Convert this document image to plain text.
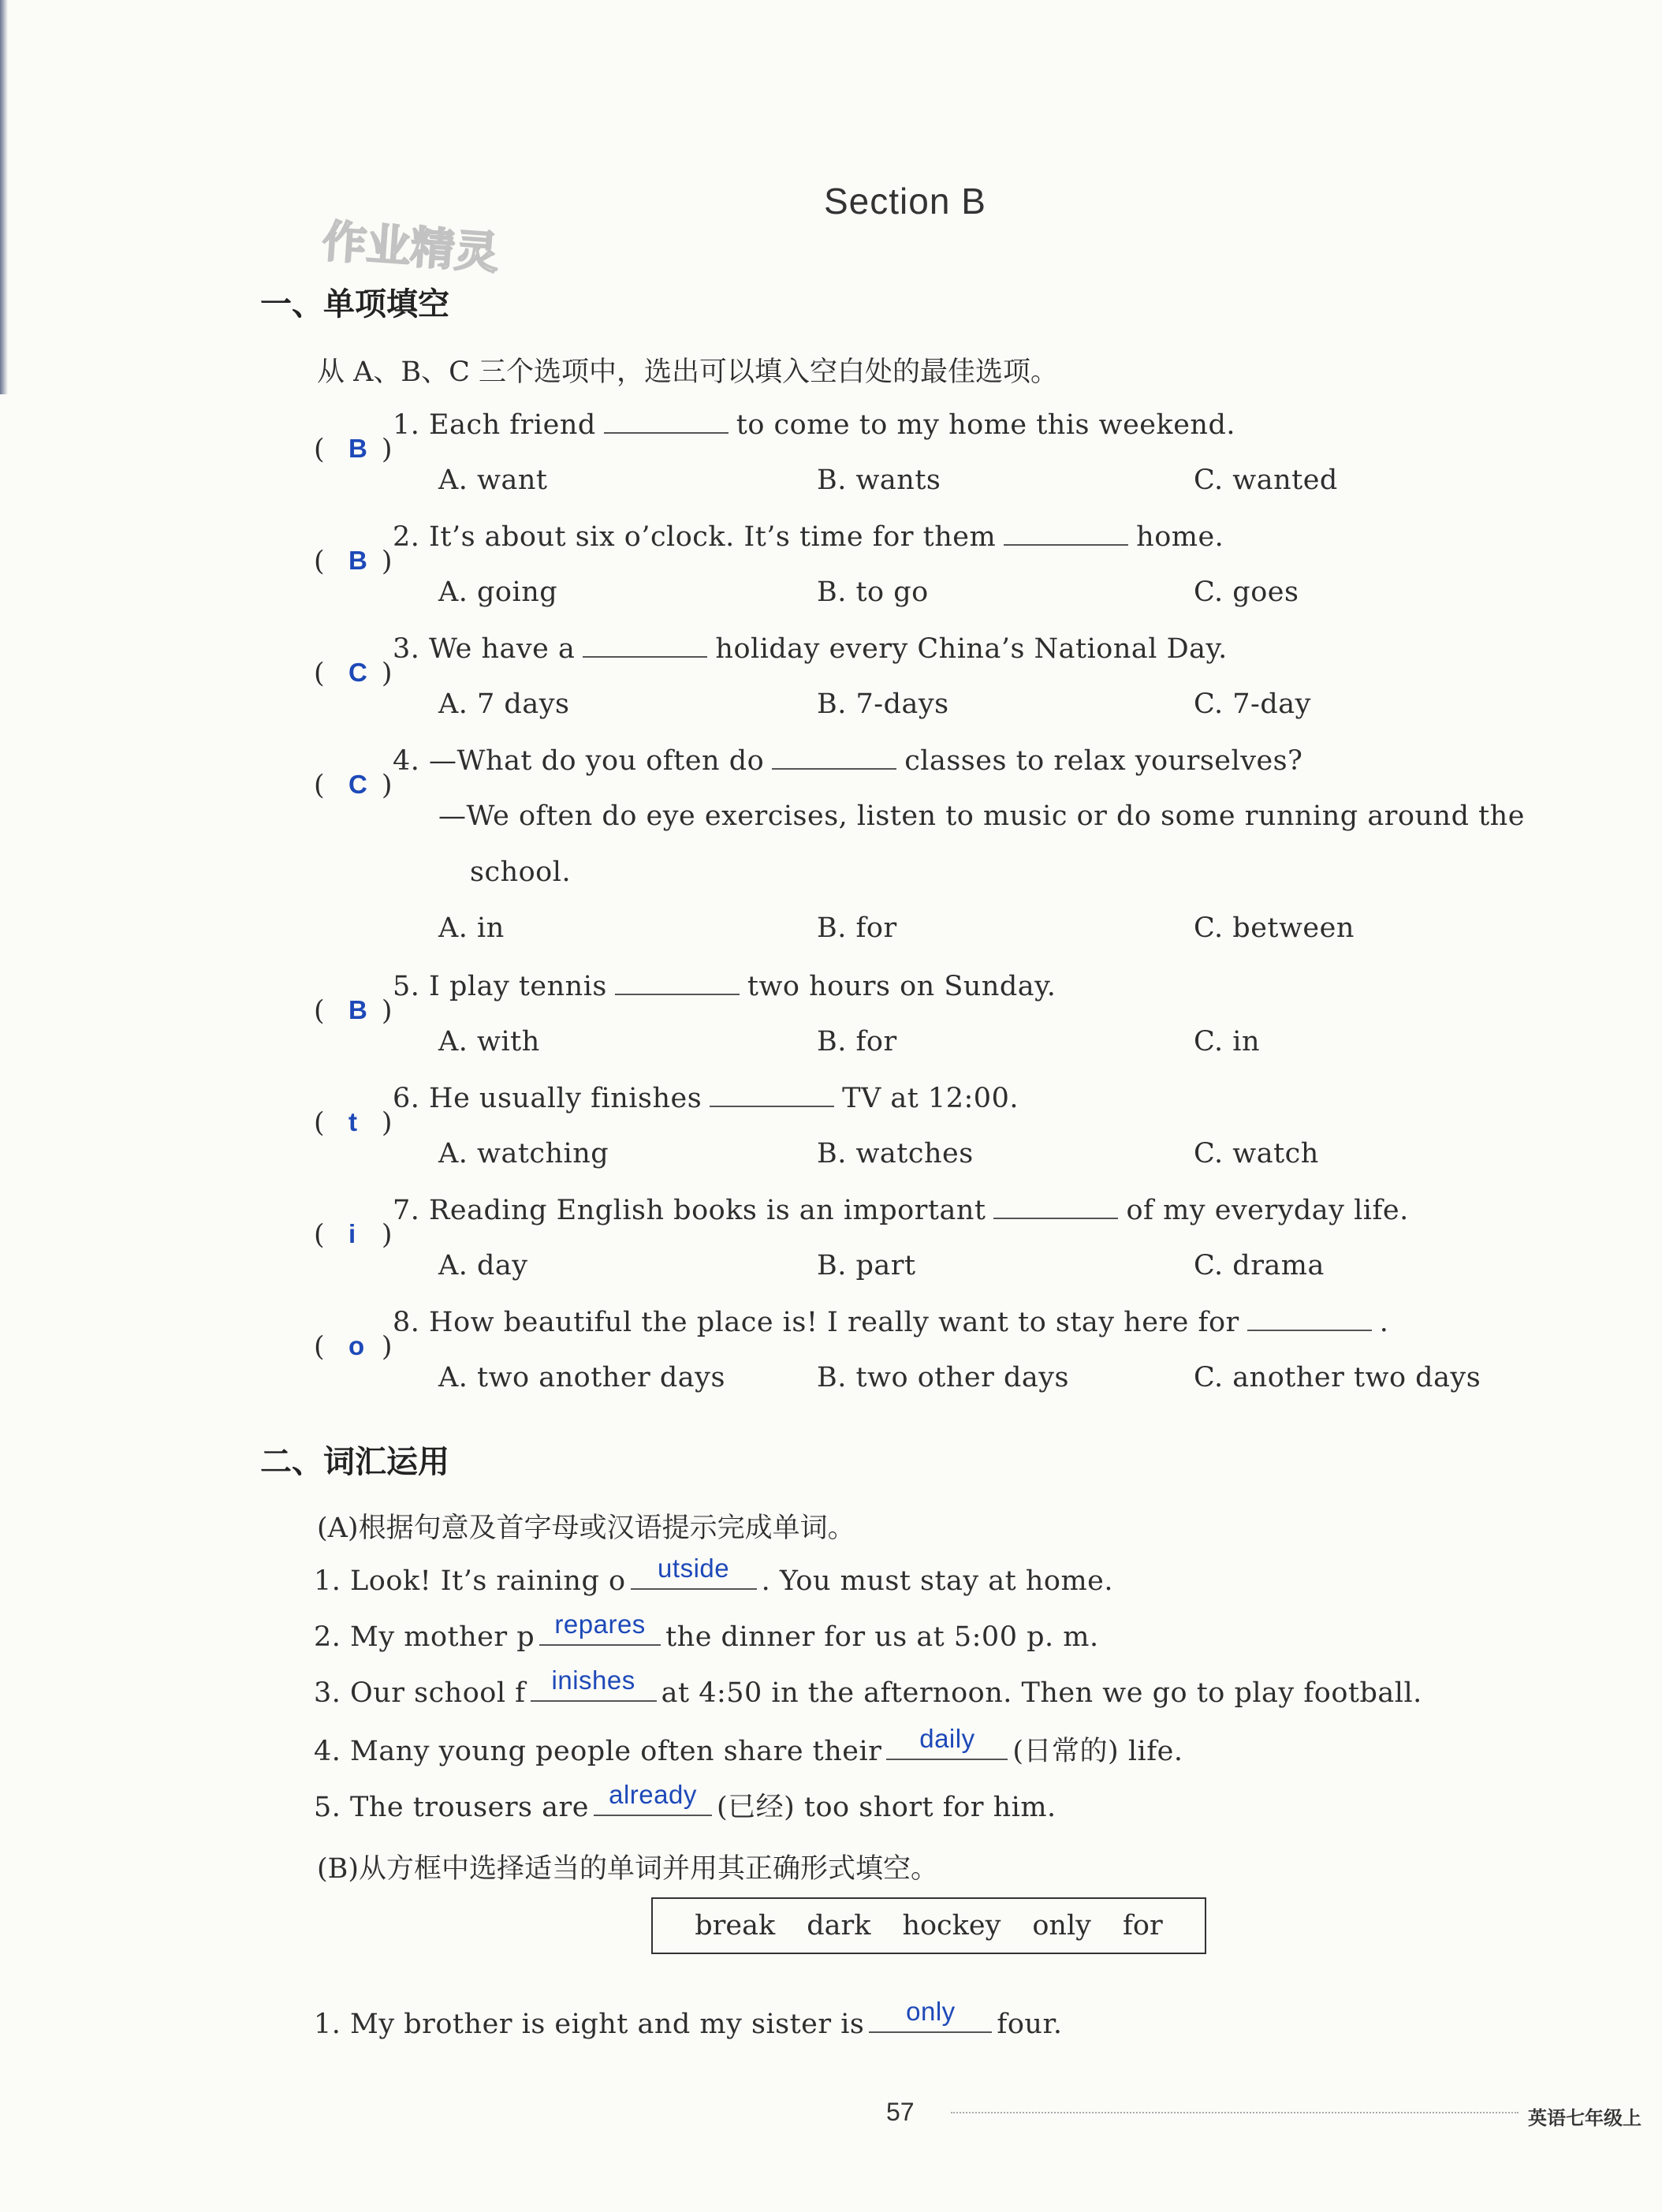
Section B
作业精灵
一、单项填空
从 A、B、C 三个选项中，选出可以填入空白处的最佳选项。
( B )
1. Each friend	to come to my home this weekend.
A. want	B. wants	C. wanted
( B )
2. It’s about six o’clock. It’s time for them	home.
A. going	B. to go	C. goes
( C )
3. We have a	holiday every China’s National Day.
A. 7 days	B. 7-days	C. 7-day
( C )
4. —What do you often do	classes to relax yourselves?
—We often do eye exercises, listen to music or do some running around the
school.
A. in	B. for	C. between
( B )
5. I play tennis	two hours on Sunday.
A. with	B. for	C. in
( t )
6. He usually finishes	TV at 12:00.
A. watching	B. watches	C. watch
( i )
7. Reading English books is an important	of my everyday life.
A. day	B. part	C. drama
( o )
8. How beautiful the place is! I really want to stay here for	.
A. two another days	B. two other days	C. another two days
二、词汇运用
(A)根据句意及首字母或汉语提示完成单词。
1. Look! It’s raining o	utside	. You must stay at home.
2. My mother p repares the dinner for us at 5:00 p. m.
3. Our school f inishes at 4:50 in the afternoon. Then we go to play football.
4. Many young people often share their	daily	(日常的) life.
5. The trousers are already (已经) too short for him.
(B)从方框中选择适当的单词并用其正确形式填空。
break dark hockey only for
1. My brother is eight and my sister is	only	four.
57	英语七年级上
